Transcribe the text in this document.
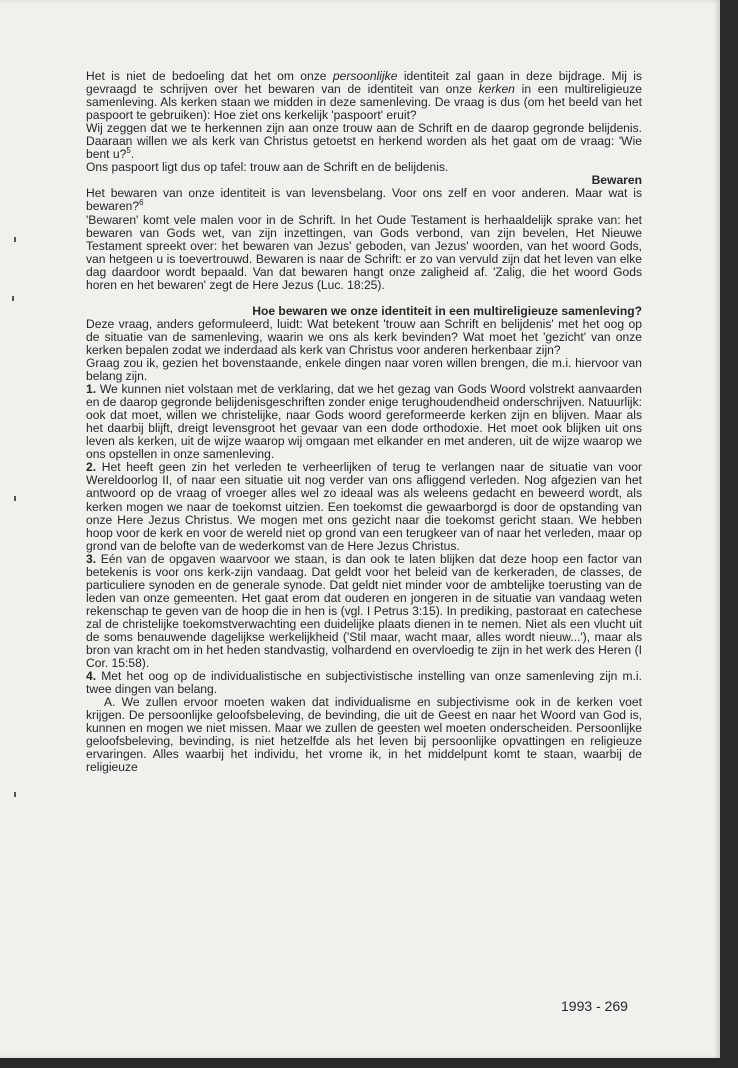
Het is niet de bedoeling dat het om onze persoonlijke identiteit zal gaan in deze bijdrage. Mij is gevraagd te schrijven over het bewaren van de identiteit van onze kerken in een multireligieuze samenleving. Als kerken staan we midden in deze samenleving. De vraag is dus (om het beeld van het paspoort te gebruiken): Hoe ziet ons kerkelijk 'paspoort' eruit?

Wij zeggen dat we te herkennen zijn aan onze trouw aan de Schrift en de daarop gegronde belijdenis. Daaraan willen we als kerk van Christus getoetst en herkend worden als het gaat om de vraag: 'Wie bent u?$^5$.

Ons paspoort ligt dus op tafel: trouw aan de Schrift en de belijdenis.

Bewaren

Het bewaren van onze identiteit is van levensbelang. Voor ons zelf en voor anderen. Maar wat is bewaren?$^6$

'Bewaren' komt vele malen voor in de Schrift. In het Oude Testament is herhaaldelijk sprake van: het bewaren van Gods wet, van zijn inzettingen, van Gods verbond, van zijn bevelen, Het Nieuwe Testament spreekt over: het bewaren van Jezus' geboden, van Jezus' woorden, van het woord Gods, van hetgeen u is toevertrouwd. Bewaren is naar de Schrift: er zo van vervuld zijn dat het leven van elke dag daardoor wordt bepaald. Van dat bewaren hangt onze zaligheid af. 'Zalig, die het woord Gods horen en het bewaren' zegt de Here Jezus (Luc. 18:25).

Hoe bewaren we onze identiteit in een multireligieuze samenleving?

Deze vraag, anders geformuleerd, luidt: Wat betekent 'trouw aan Schrift en belijdenis' met het oog op de situatie van de samenleving, waarin we ons als kerk bevinden? Wat moet het 'gezicht' van onze kerken bepalen zodat we inderdaad als kerk van Christus voor anderen herkenbaar zijn?

Graag zou ik, gezien het bovenstaande, enkele dingen naar voren willen brengen, die m.i. hiervoor van belang zijn.

1. We kunnen niet volstaan met de verklaring, dat we het gezag van Gods Woord volstrekt aanvaarden en de daarop gegronde belijdenisgeschriften zonder enige terughoudendheid onderschrijven. Natuurlijk: ook dat moet, willen we christelijke, naar Gods woord gereformeerde kerken zijn en blijven. Maar als het daarbij blijft, dreigt levensgroot het gevaar van een dode orthodoxie. Het moet ook blijken uit ons leven als kerken, uit de wijze waarop wij omgaan met elkander en met anderen, uit de wijze waarop we ons opstellen in onze samenleving.

2. Het heeft geen zin het verleden te verheerlijken of terug te verlangen naar de situatie van voor Wereldoorlog II, of naar een situatie uit nog verder van ons afliggend verleden. Nog afgezien van het antwoord op de vraag of vroeger alles wel zo ideaal was als weleens gedacht en beweerd wordt, als kerken mogen we naar de toekomst uitzien. Een toekomst die gewaarborgd is door de opstanding van onze Here Jezus Christus. We mogen met ons gezicht naar die toekomst gericht staan. We hebben hoop voor de kerk en voor de wereld niet op grond van een terugkeer van of naar het verleden, maar op grond van de belofte van de wederkomst van de Here Jezus Christus.

3. Eén van de opgaven waarvoor we staan, is dan ook te laten blijken dat deze hoop een factor van betekenis is voor ons kerk-zijn vandaag. Dat geldt voor het beleid van de kerkeraden, de classes, de particuliere synoden en de generale synode. Dat geldt niet minder voor de ambtelijke toerusting van de leden van onze gemeenten. Het gaat erom dat ouderen en jongeren in de situatie van vandaag weten rekenschap te geven van de hoop die in hen is (vgl. I Petrus 3:15). In prediking, pastoraat en catechese zal de christelijke toekomstverwachting een duidelijke plaats dienen in te nemen. Niet als een vlucht uit de soms benauwende dagelijkse werkelijkheid ('Stil maar, wacht maar, alles wordt nieuw...'), maar als bron van kracht om in het heden standvastig, volhardend en overvloedig te zijn in het werk des Heren (I Cor. 15:58).

4. Met het oog op de individualistische en subjectivistische instelling van onze samenleving zijn m.i. twee dingen van belang.

A. We zullen ervoor moeten waken dat individualisme en subjectivisme ook in de kerken voet krijgen. De persoonlijke geloofsbeleving, de bevinding, die uit de Geest en naar het Woord van God is, kunnen en mogen we niet missen. Maar we zullen de geesten wel moeten onderscheiden. Persoonlijke geloofsbeleving, bevinding, is niet hetzelfde als het leven bij persoonlijke opvattingen en religieuze ervaringen. Alles waarbij het individu, het vrome ik, in het middelpunt komt te staan, waarbij de religieuze

1993 - 269
